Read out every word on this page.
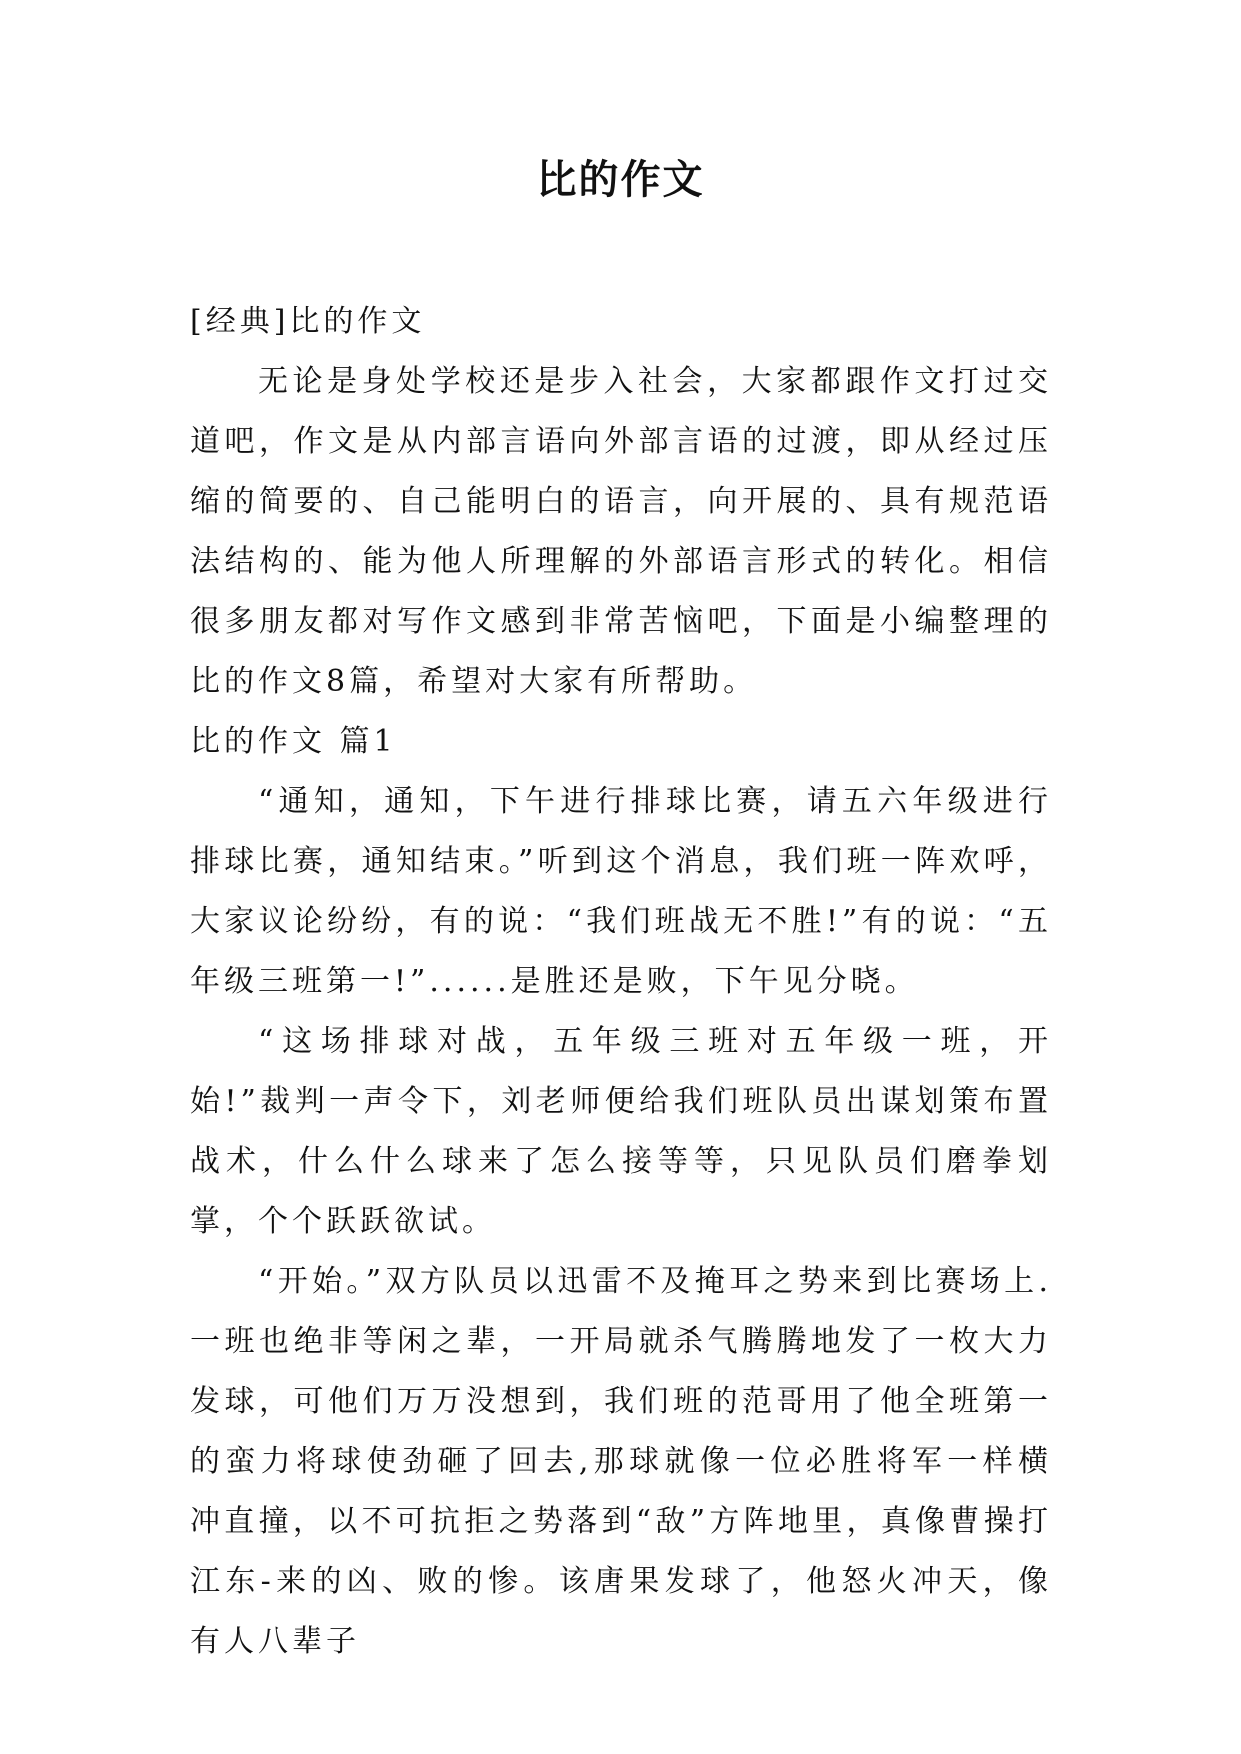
比的作文

[经典]比的作文

无论是身处学校还是步入社会，大家都跟作文打过交道吧，作文是从内部言语向外部言语的过渡，即从经过压缩的简要的、自己能明白的语言，向开展的、具有规范语法结构的、能为他人所理解的外部语言形式的转化。相信很多朋友都对写作文感到非常苦恼吧，下面是小编整理的比的作文8篇，希望对大家有所帮助。

比的作文 篇1

“通知，通知，下午进行排球比赛，请五六年级进行排球比赛，通知结束。”听到这个消息，我们班一阵欢呼，大家议论纷纷，有的说：“我们班战无不胜!”有的说：“五年级三班第一!”......是胜还是败，下午见分晓。

“这场排球对战，五年级三班对五年级一班，开始!”裁判一声令下，刘老师便给我们班队员出谋划策布置战术，什么什么球来了怎么接等等，只见队员们磨拳划掌，个个跃跃欲试。

“开始。”双方队员以迅雷不及掩耳之势来到比赛场上.一班也绝非等闲之辈，一开局就杀气腾腾地发了一枚大力发球，可他们万万没想到，我们班的范哥用了他全班第一的蛮力将球使劲砸了回去,那球就像一位必胜将军一样横冲直撞，以不可抗拒之势落到“敌”方阵地里，真像曹操打江东-来的凶、败的惨。该唐果发球了，他怒火冲天，像有人八辈子
